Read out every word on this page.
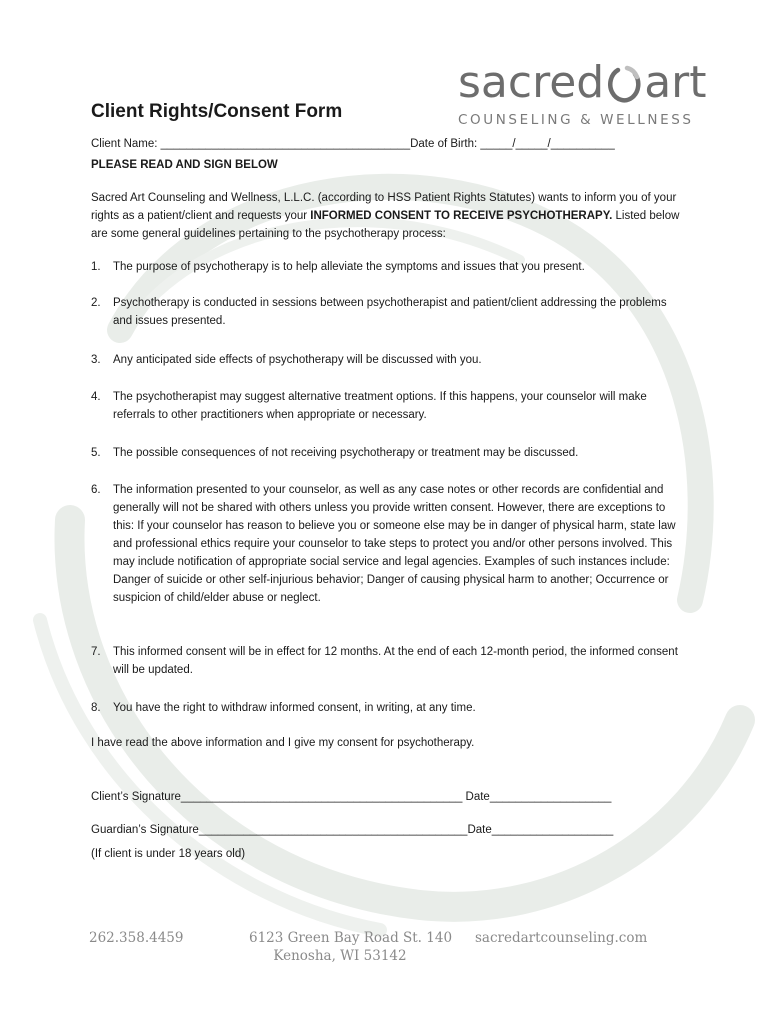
sacred art
COUNSELING & WELLNESS
Client Rights/Consent Form
Client Name: _______________________________________Date of Birth: _____/_____/__________
PLEASE READ AND SIGN BELOW
Sacred Art Counseling and Wellness, L.L.C. (according to HSS Patient Rights Statutes) wants to inform you of your rights as a patient/client and requests your INFORMED CONSENT TO RECEIVE PSYCHOTHERAPY. Listed below are some general guidelines pertaining to the psychotherapy process:
1. The purpose of psychotherapy is to help alleviate the symptoms and issues that you present.
2. Psychotherapy is conducted in sessions between psychotherapist and patient/client addressing the problems and issues presented.
3. Any anticipated side effects of psychotherapy will be discussed with you.
4. The psychotherapist may suggest alternative treatment options. If this happens, your counselor will make referrals to other practitioners when appropriate or necessary.
5. The possible consequences of not receiving psychotherapy or treatment may be discussed.
6. The information presented to your counselor, as well as any case notes or other records are confidential and generally will not be shared with others unless you provide written consent. However, there are exceptions to this: If your counselor has reason to believe you or someone else may be in danger of physical harm, state law and professional ethics require your counselor to take steps to protect you and/or other persons involved. This may include notification of appropriate social service and legal agencies. Examples of such instances include: Danger of suicide or other self-injurious behavior; Danger of causing physical harm to another; Occurrence or suspicion of child/elder abuse or neglect.
7. This informed consent will be in effect for 12 months. At the end of each 12-month period, the informed consent will be updated.
8. You have the right to withdraw informed consent, in writing, at any time.
I have read the above information and I give my consent for psychotherapy.
Client’s Signature____________________________________________ Date___________________
Guardian’s Signature__________________________________________Date___________________
(If client is under 18 years old)
262.358.4459	6123 Green Bay Road St. 140
Kenosha, WI 53142
sacredartcounseling.com
